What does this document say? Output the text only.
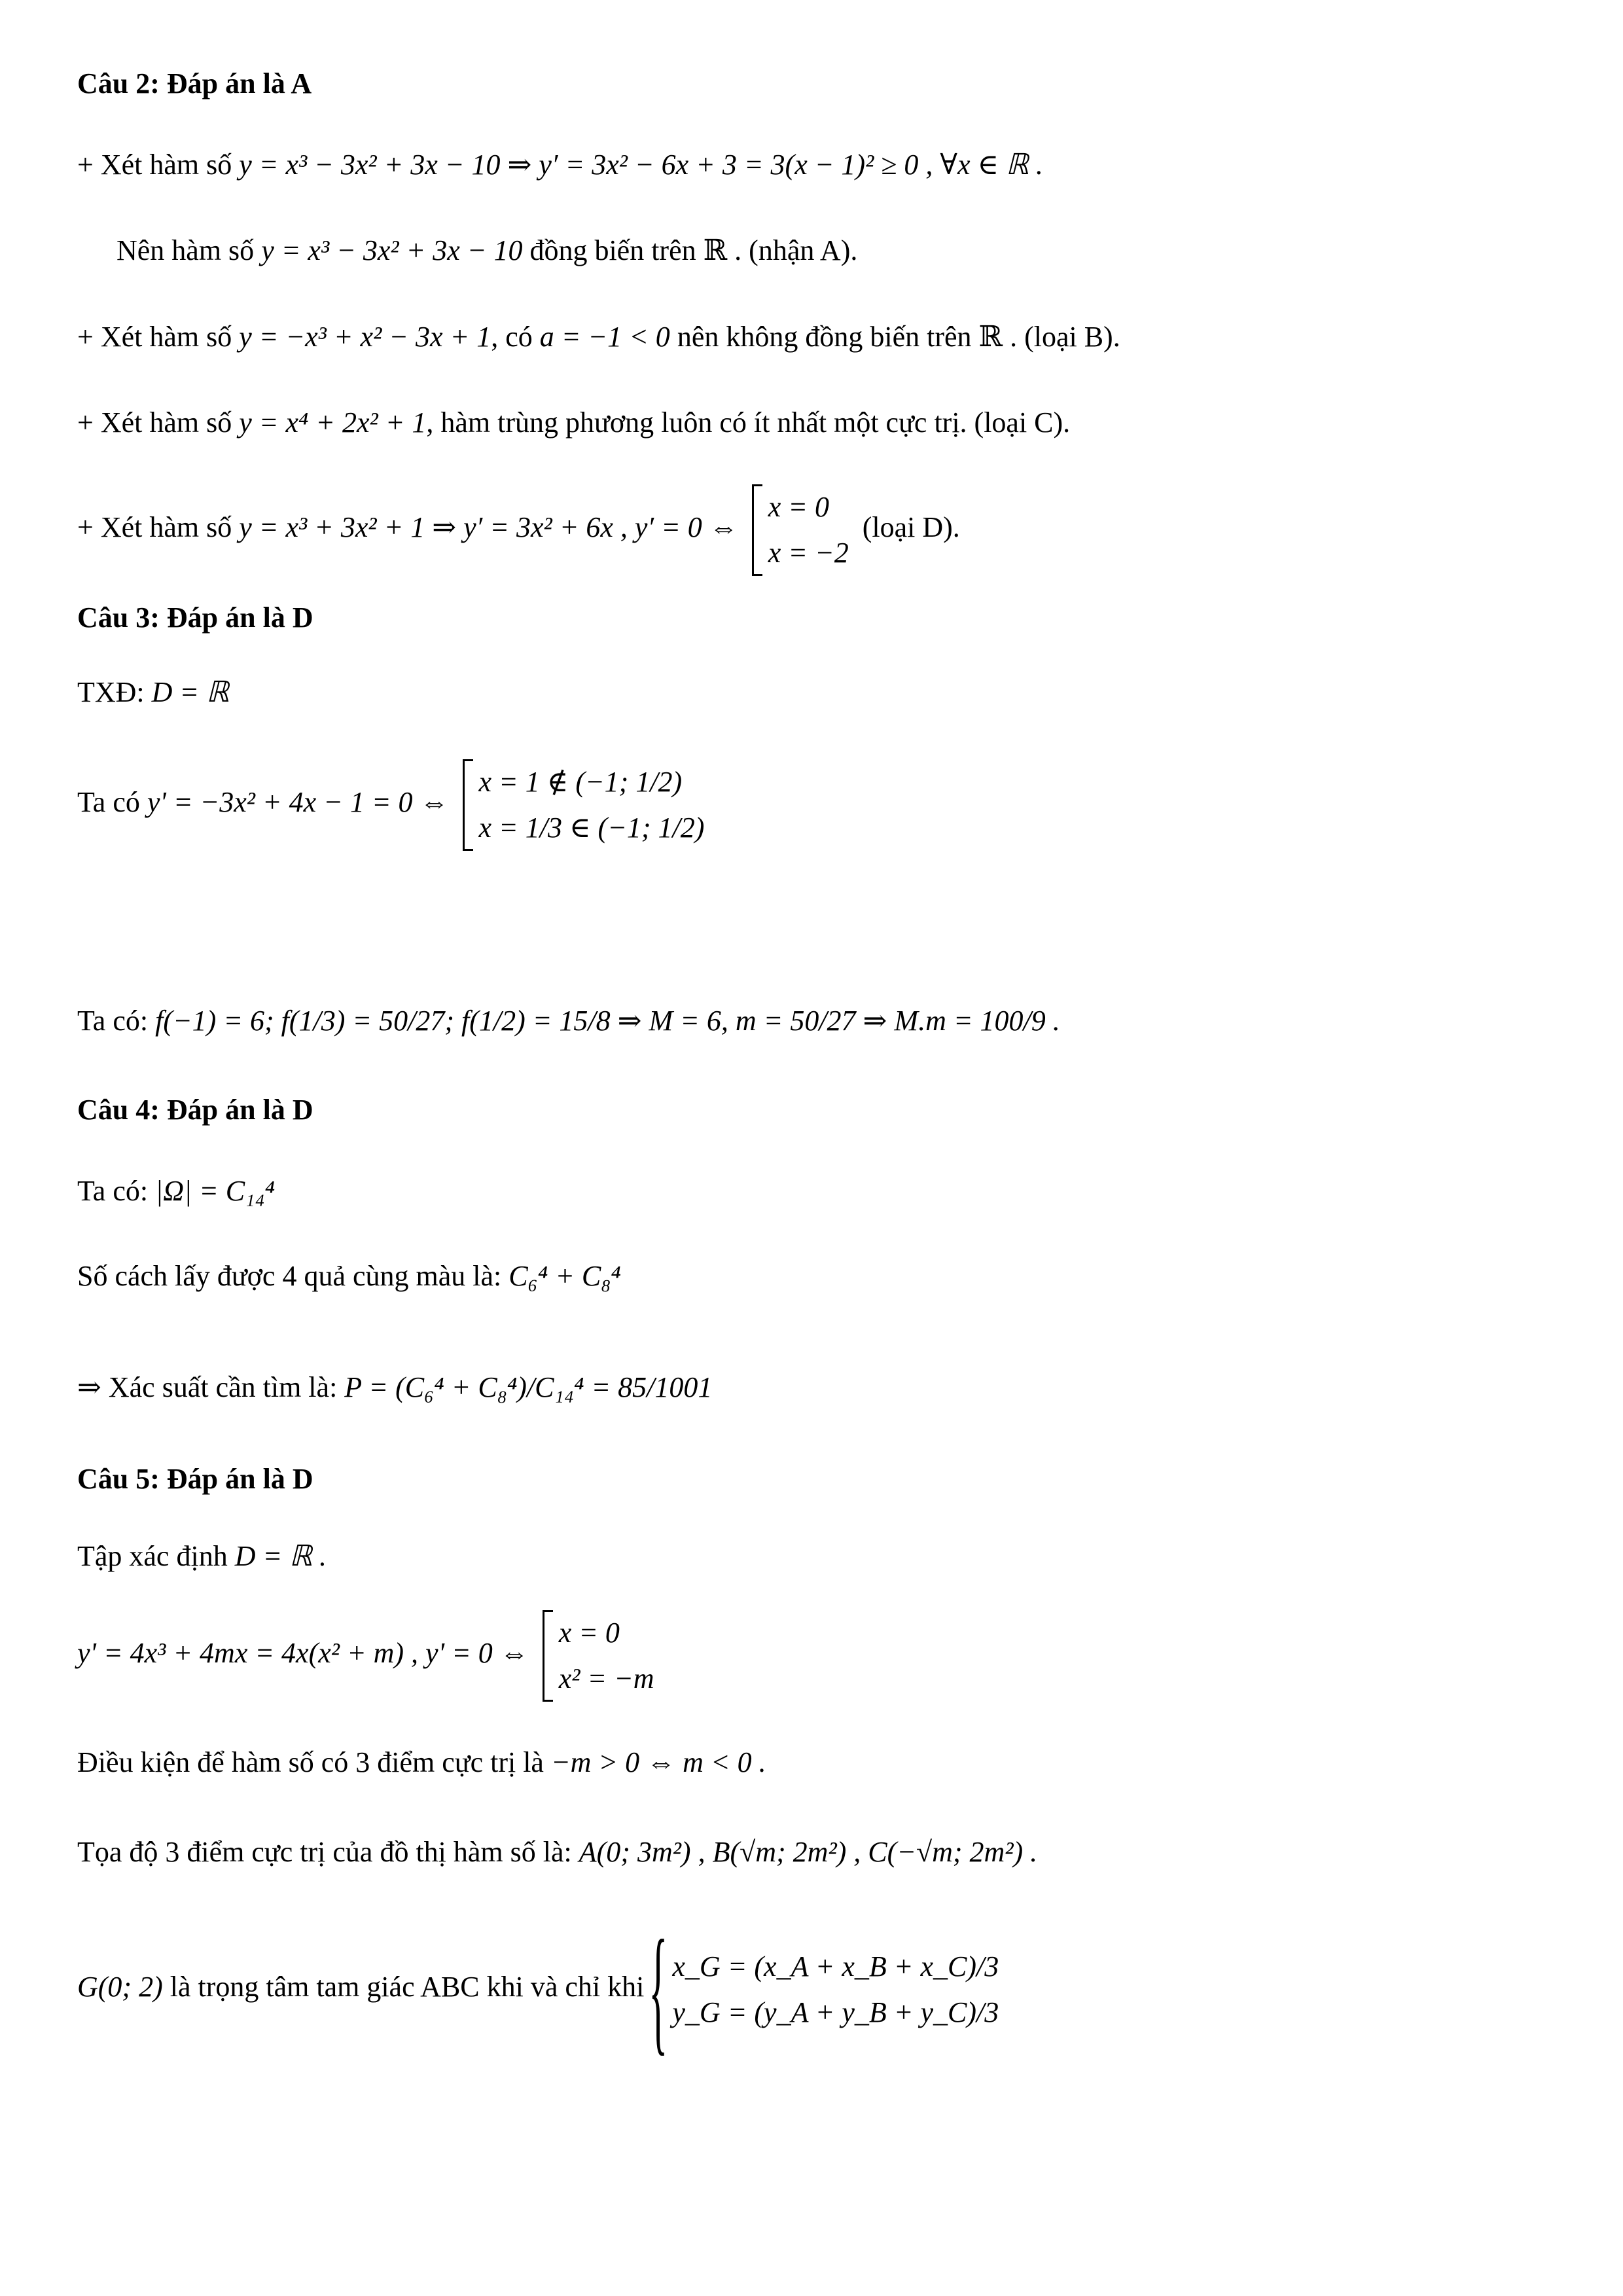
Câu 2: Đáp án là A
+ Xét hàm số y = x³ − 3x² + 3x − 10 ⇒ y′ = 3x² − 6x + 3 = 3(x − 1)² ≥ 0 , ∀x ∈ ℝ .
Nên hàm số y = x³ − 3x² + 3x − 10 đồng biến trên ℝ . (nhận A).
+ Xét hàm số y = −x³ + x² − 3x + 1, có a = −1 < 0 nên không đồng biến trên ℝ . (loại B).
+ Xét hàm số y = x⁴ + 2x² + 1, hàm trùng phương luôn có ít nhất một cực trị. (loại C).
+ Xét hàm số y = x³ + 3x² + 1 ⇒ y′ = 3x² + 6x , y′ = 0 ⇔
x = 0
x = −2
(loại D).
Câu 3: Đáp án là D
TXĐ: D = ℝ
Ta có y' = −3x² + 4x − 1 = 0 ⇔
x = 1 ∉ (−1; 1/2)
x = 1/3 ∈ (−1; 1/2)
Ta có: f(−1) = 6; f(1/3) = 50/27; f(1/2) = 15/8 ⇒ M = 6, m = 50/27 ⇒ M.m = 100/9 .
Câu 4: Đáp án là D
Ta có: |Ω| = C₁₄⁴
Số cách lấy được 4 quả cùng màu là: C₆⁴ + C₈⁴
⇒ Xác suất cần tìm là: P = (C₆⁴ + C₈⁴)/C₁₄⁴ = 85/1001
Câu 5: Đáp án là D
Tập xác định D = ℝ .
y' = 4x³ + 4mx = 4x(x² + m) , y' = 0 ⇔
x = 0
x² = −m
Điều kiện để hàm số có 3 điểm cực trị là −m > 0 ⇔ m < 0 .
Tọa độ 3 điểm cực trị của đồ thị hàm số là: A(0; 3m²) , B(√m; 2m²) , C(−√m; 2m²) .
G(0; 2) là trọng tâm tam giác ABC khi và chỉ khi
{ x_G = (x_A + x_B + x_C)/3
y_G = (y_A + y_B + y_C)/3
